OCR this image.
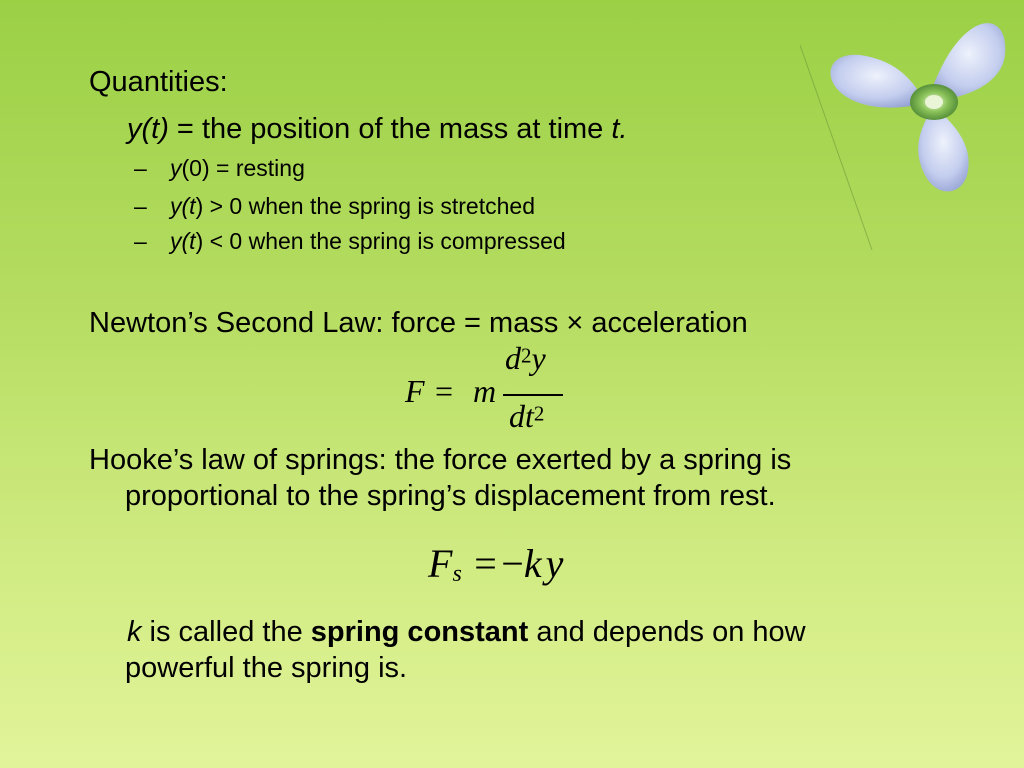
Quantities:
y(t) = the position of the mass at time t.
– y(0) = resting
– y(t) > 0 when the spring is stretched
– y(t) < 0 when the spring is compressed
Newton’s Second Law: force = mass × acceleration
F = m
$d^2y$
$dt^2$
Hooke’s law of springs: the force exerted by a spring is
proportional to the spring’s displacement from rest.
$F_s = -k$ y
k is called the spring constant and depends on how
powerful the spring is.
